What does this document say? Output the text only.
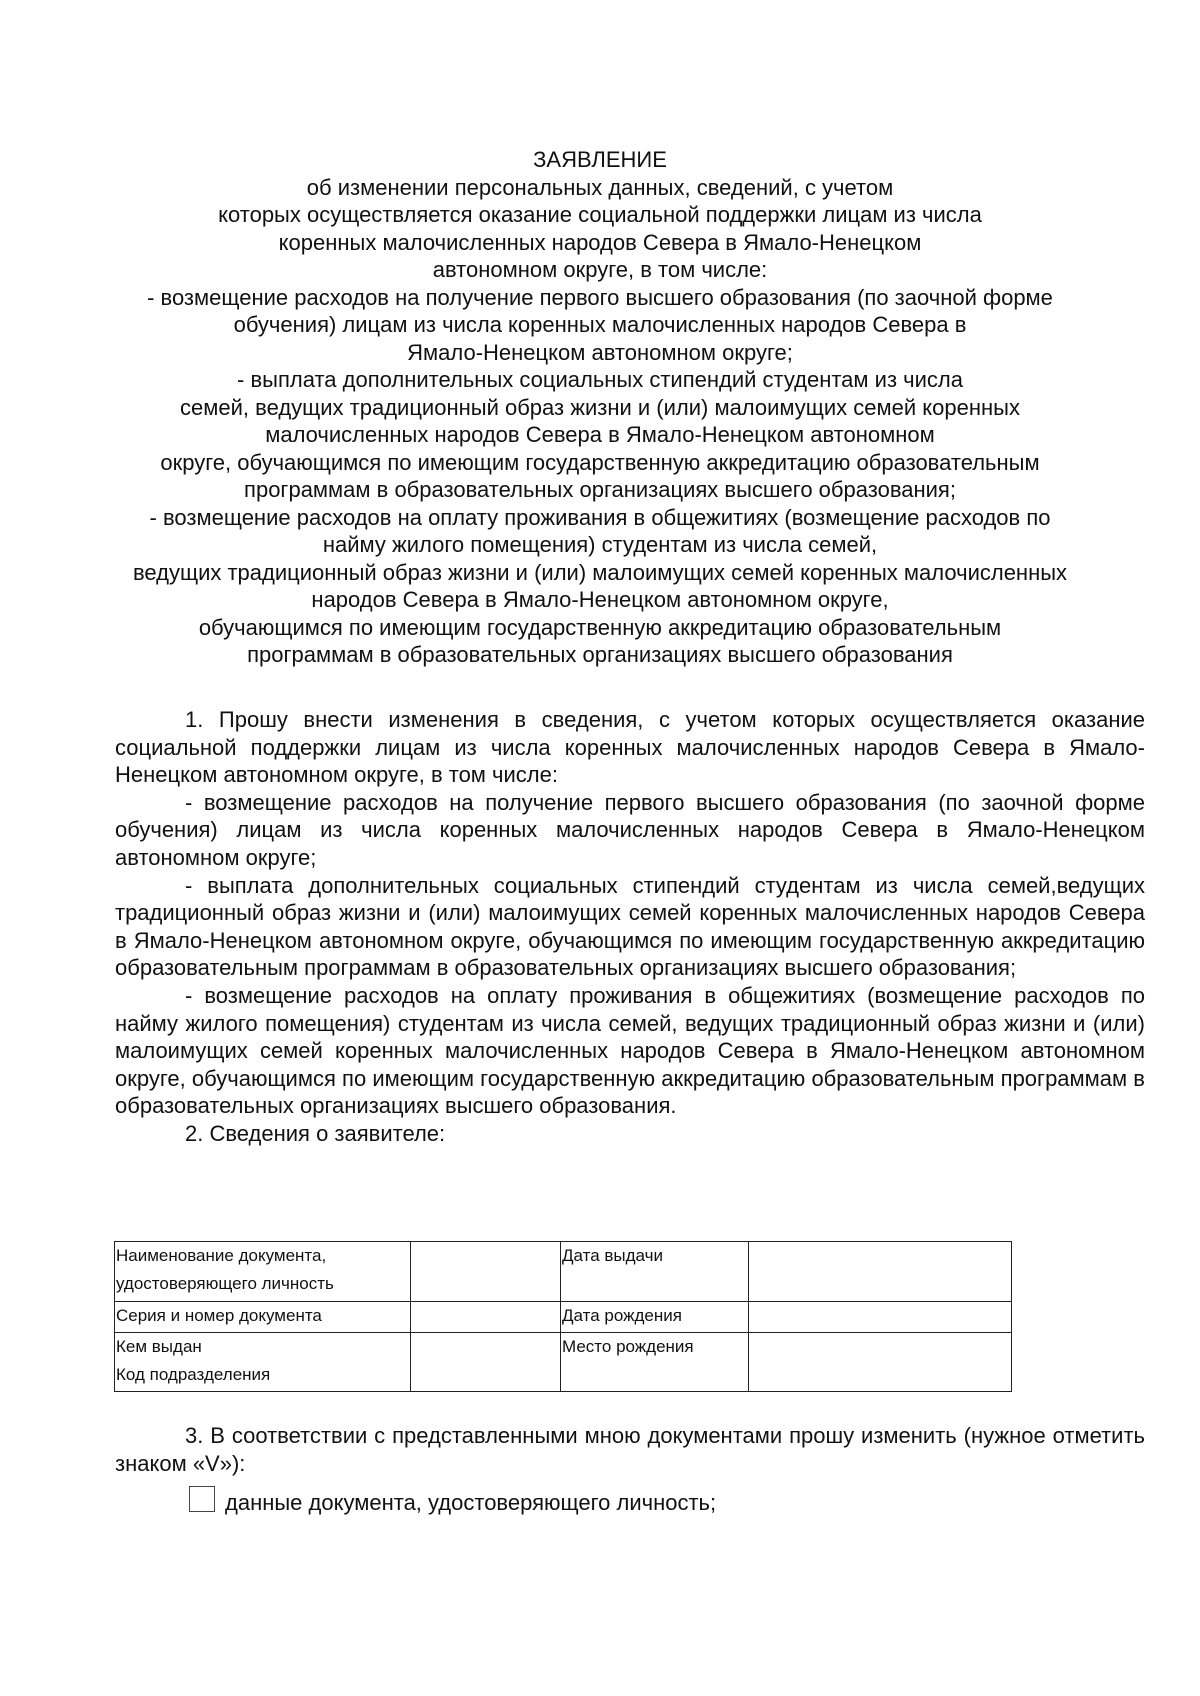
ЗАЯВЛЕНИЕ
об изменении персональных данных, сведений, с учетом
которых осуществляется оказание социальной поддержки лицам из числа
коренных малочисленных народов Севера в Ямало-Ненецком
автономном округе, в том числе:
- возмещение расходов на получение первого высшего образования (по заочной форме
обучения) лицам из числа коренных малочисленных народов Севера в
Ямало-Ненецком автономном округе;
- выплата дополнительных социальных стипендий студентам из числа
семей, ведущих традиционный образ жизни и (или) малоимущих семей коренных
малочисленных народов Севера в Ямало-Ненецком автономном
округе, обучающимся по имеющим государственную аккредитацию образовательным
программам в образовательных организациях высшего образования;
- возмещение расходов на оплату проживания в общежитиях (возмещение расходов по
найму жилого помещения) студентам из числа семей,
ведущих традиционный образ жизни и (или) малоимущих семей коренных малочисленных
народов Севера в Ямало-Ненецком автономном округе,
обучающимся по имеющим государственную аккредитацию образовательным
программам в образовательных организациях высшего образования
1. Прошу внести изменения в сведения, с учетом которых осуществляется оказание социальной поддержки лицам из числа коренных малочисленных народов Севера в Ямало-Ненецком автономном округе, в том числе:
- возмещение расходов на получение первого высшего образования (по заочной форме обучения) лицам из числа коренных малочисленных народов Севера в Ямало-Ненецком автономном округе;
- выплата дополнительных социальных стипендий студентам из числа семей,ведущих традиционный образ жизни и (или) малоимущих семей коренных малочисленных народов Севера в Ямало-Ненецком автономном округе, обучающимся по имеющим государственную аккредитацию образовательным программам в образовательных организациях высшего образования;
- возмещение расходов на оплату проживания в общежитиях (возмещение расходов по найму жилого помещения) студентам из числа семей, ведущих традиционный образ жизни и (или) малоимущих семей коренных малочисленных народов Севера в Ямало-Ненецком автономном округе, обучающимся по имеющим государственную аккредитацию образовательным программам в образовательных организациях высшего образования.
2. Сведения о заявителе:
Наименование документа,
удостоверяющего личность		Дата выдачи	
Серия и номер документа		Дата рождения	

Кем выдан
Код подразделения		Место рождения	
3. В соответствии с представленными мною документами прошу изменить (нужное отметить знаком «V»):
данные документа, удостоверяющего личность;
